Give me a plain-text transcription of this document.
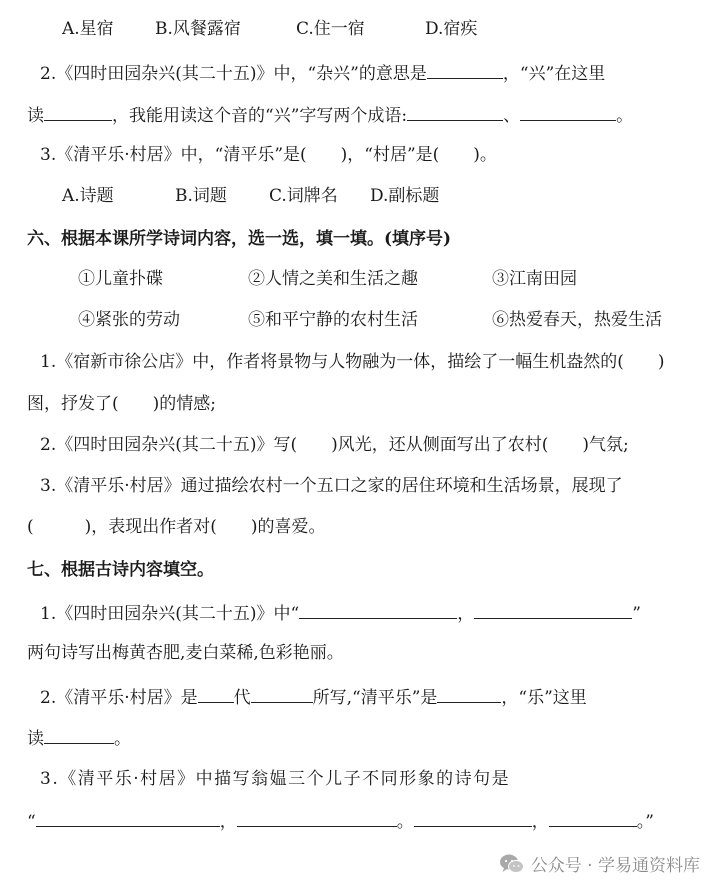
A.星宿 B.风餐露宿	C.住一宿	D.宿疾
2.《四时田园杂兴(其二十五)》中，“杂兴”的意思是	，“兴”在这里
读	，我能用读这个音的“兴”字写两个成语:	、	。
3.《清平乐·村居》中，“清平乐”是(　　)，“村居”是(　　)。
A.诗题	B.词题 C.词牌名 D.副标题
六、根据本课所学诗词内容，选一选，填一填。(填序号)
①儿童扑碟	②人情之美和生活之趣	③江南田园
④紧张的劳动	⑤和平宁静的农村生活	⑥热爱春天，热爱生活
1.《宿新市徐公店》中，作者将景物与人物融为一体，描绘了一幅生机盎然的(　　)
图，抒发了(　　)的情感;
2.《四时田园杂兴(其二十五)》写(　　)风光，还从侧面写出了农村(　　)气氛;
3.《清平乐·村居》通过描绘农村一个五口之家的居住环境和生活场景，展现了
(　　　)，表现出作者对(　　)的喜爱。
七、根据古诗内容填空。
1.《四时田园杂兴(其二十五)》中“	，	”
两句诗写出梅黄杏肥,麦白菜稀,色彩艳丽。
2.《清平乐·村居》是 代	所写,“清平乐”是	，“乐”这里
读	。
3.《清平乐·村居》中描写翁媪三个儿子不同形象的诗句是
“	，	。	，	。”
公众号 · 学易通资料库
